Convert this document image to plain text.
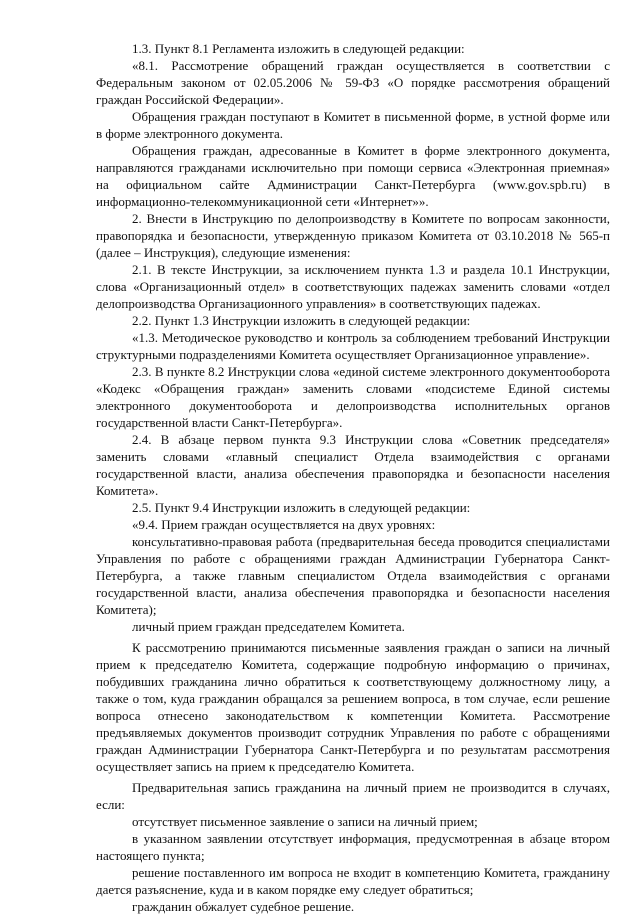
1.3. Пункт 8.1 Регламента изложить в следующей редакции:

«8.1. Рассмотрение обращений граждан осуществляется в соответствии с Федеральным законом от 02.05.2006 № 59-ФЗ «О порядке рассмотрения обращений граждан Российской Федерации».

Обращения граждан поступают в Комитет в письменной форме, в устной форме или в форме электронного документа.

Обращения граждан, адресованные в Комитет в форме электронного документа, направляются гражданами исключительно при помощи сервиса «Электронная приемная» на официальном сайте Администрации Санкт-Петербурга (www.gov.spb.ru) в информационно-телекоммуникационной сети «Интернет»».

2. Внести в Инструкцию по делопроизводству в Комитете по вопросам законности, правопорядка и безопасности, утвержденную приказом Комитета от 03.10.2018 № 565-п (далее – Инструкция), следующие изменения:

2.1. В тексте Инструкции, за исключением пункта 1.3 и раздела 10.1 Инструкции, слова «Организационный отдел» в соответствующих падежах заменить словами «отдел делопроизводства Организационного управления» в соответствующих падежах.

2.2. Пункт 1.3 Инструкции изложить в следующей редакции:

«1.3. Методическое руководство и контроль за соблюдением требований Инструкции структурными подразделениями Комитета осуществляет Организационное управление».

2.3. В пункте 8.2 Инструкции слова «единой системе электронного документооборота «Кодекс «Обращения граждан» заменить словами «подсистеме Единой системы электронного документооборота и делопроизводства исполнительных органов государственной власти Санкт-Петербурга».

2.4. В абзаце первом пункта 9.3 Инструкции слова «Советник председателя» заменить словами «главный специалист Отдела взаимодействия с органами государственной власти, анализа обеспечения правопорядка и безопасности населения Комитета».

2.5. Пункт 9.4 Инструкции изложить в следующей редакции:

«9.4. Прием граждан осуществляется на двух уровнях:

консультативно-правовая работа (предварительная беседа проводится специалистами Управления по работе с обращениями граждан Администрации Губернатора Санкт-Петербурга, а также главным специалистом Отдела взаимодействия с органами государственной власти, анализа обеспечения правопорядка и безопасности населения Комитета);

личный прием граждан председателем Комитета.

К рассмотрению принимаются письменные заявления граждан о записи на личный прием к председателю Комитета, содержащие подробную информацию о причинах, побудивших гражданина лично обратиться к соответствующему должностному лицу, а также о том, куда гражданин обращался за решением вопроса, в том случае, если решение вопроса отнесено законодательством к компетенции Комитета. Рассмотрение предъявляемых документов производит сотрудник Управления по работе с обращениями граждан Администрации Губернатора Санкт-Петербурга и по результатам рассмотрения осуществляет запись на прием к председателю Комитета.

Предварительная запись гражданина на личный прием не производится в случаях, если:

отсутствует письменное заявление о записи на личный прием;

в указанном заявлении отсутствует информация, предусмотренная в абзаце втором настоящего пункта;

решение поставленного им вопроса не входит в компетенцию Комитета, гражданину дается разъяснение, куда и в каком порядке ему следует обратиться;

гражданин обжалует судебное решение.
